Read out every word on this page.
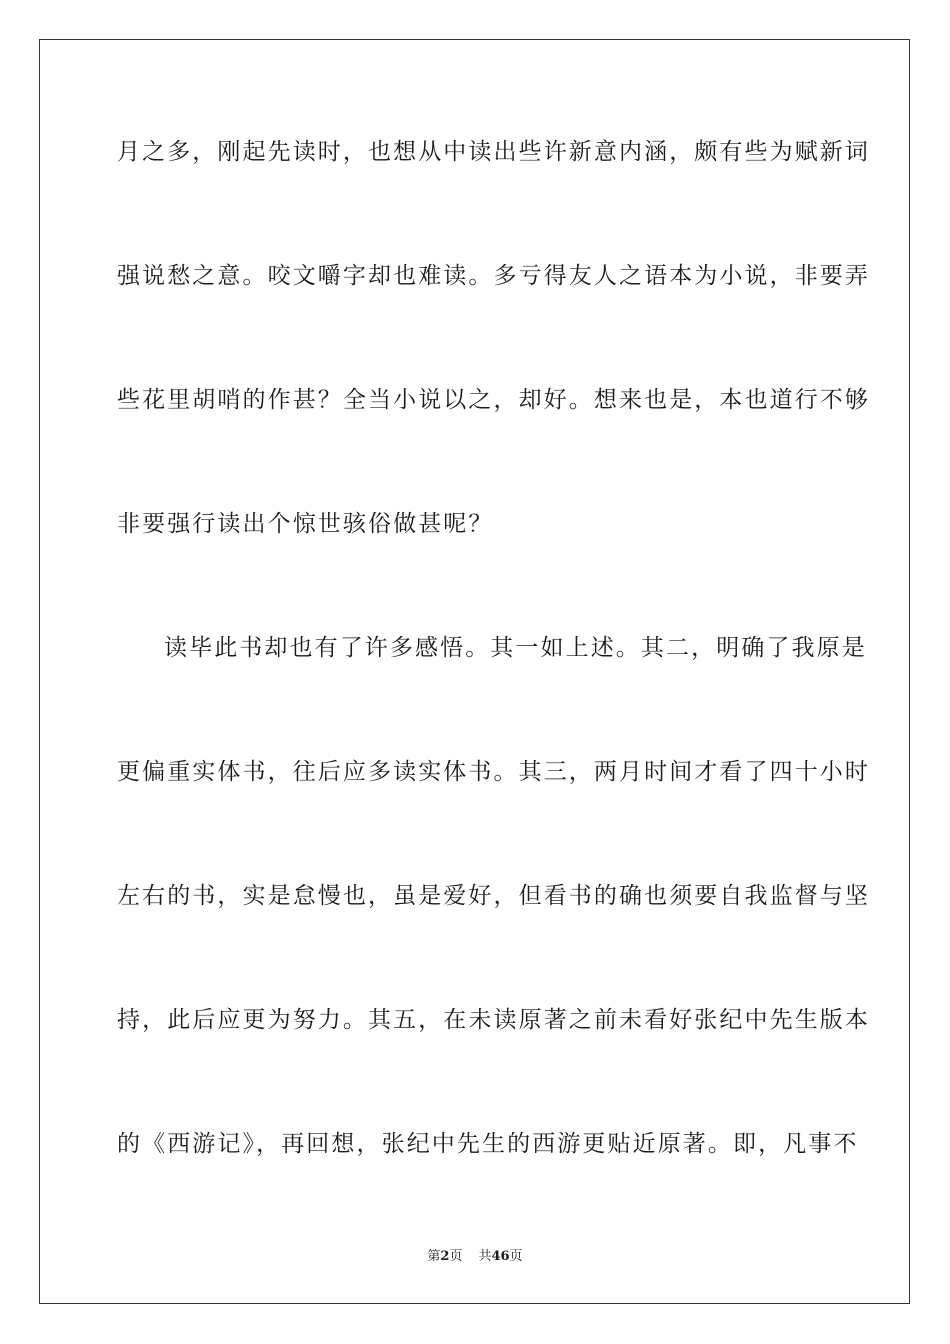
月之多，刚起先读时，也想从中读出些许新意内涵，颇有些为赋新词
强说愁之意。咬文嚼字却也难读。多亏得友人之语本为小说，非要弄
些花里胡哨的作甚？全当小说以之，却好。想来也是，本也道行不够
非要强行读出个惊世骇俗做甚呢？
读毕此书却也有了许多感悟。其一如上述。其二，明确了我原是
更偏重实体书，往后应多读实体书。其三，两月时间才看了四十小时
左右的书，实是怠慢也，虽是爱好，但看书的确也须要自我监督与坚
持，此后应更为努力。其五，在未读原著之前未看好张纪中先生版本
的《西游记》，再回想，张纪中先生的西游更贴近原著。即，凡事不
第2页 共46页
